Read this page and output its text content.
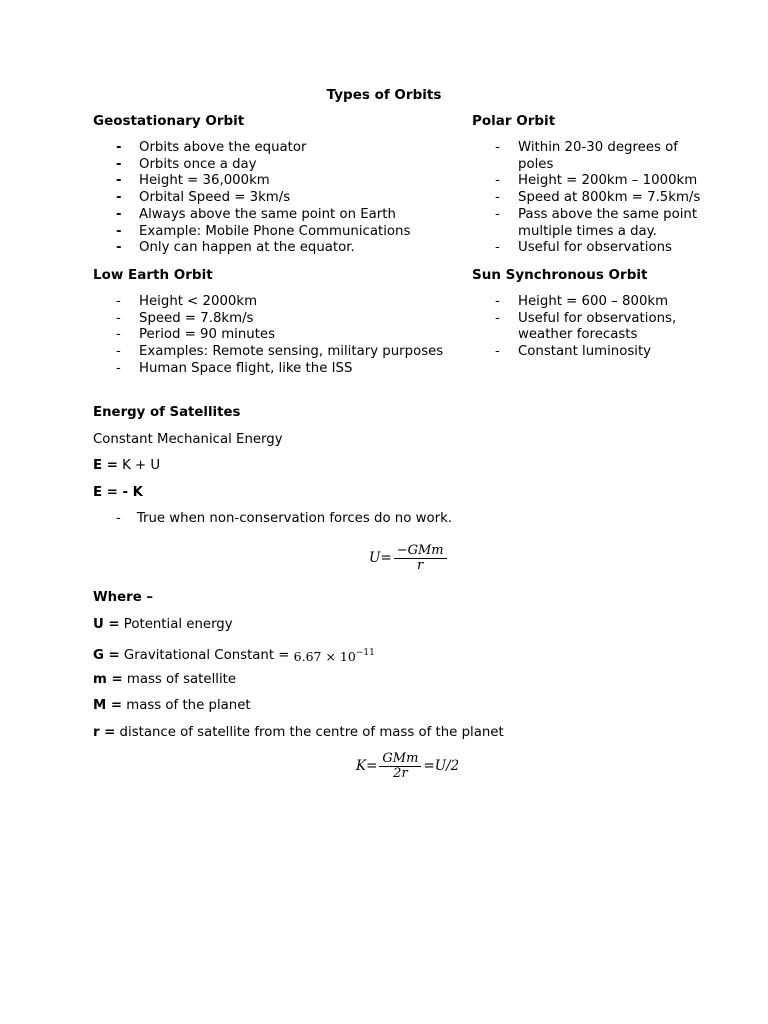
Types of Orbits
Geostationary Orbit
- Orbits above the equator
- Orbits once a day
- Height = 36,000km
- Orbital Speed = 3km/s
- Always above the same point on Earth
- Example: Mobile Phone Communications
- Only can happen at the equator.
Low Earth Orbit
- Height < 2000km
- Speed = 7.8km/s
- Period = 90 minutes
- Examples: Remote sensing, military purposes
- Human Space flight, like the ISS
Polar Orbit
- Within 20-30 degrees of poles
- Height = 200km – 1000km
- Speed at 800km = 7.5km/s
- Pass above the same point multiple times a day.
- Useful for observations
Sun Synchronous Orbit
- Height = 600 – 800km
- Useful for observations, weather forecasts
- Constant luminosity
Energy of Satellites
Constant Mechanical Energy
E = K + U
E = - K
- True when non-conservation forces do no work.
$U= \frac{\text{−GMm}}{r}$
Where –
U = Potential energy
G = Gravitational Constant = $6.67 \times 10^{-11}$
m = mass of satellite
M = mass of the planet
r = distance of satellite from the centre of mass of the planet
$K= \frac{\text{GMm}}{2r} =U/2$
